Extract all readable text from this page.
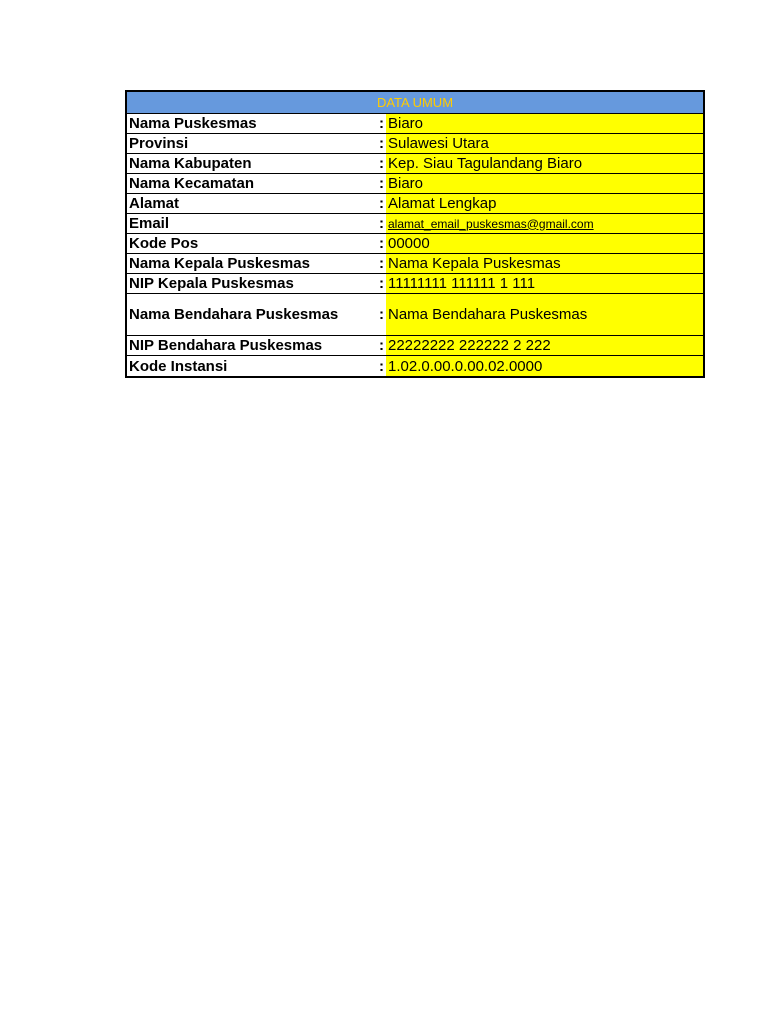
DATA UMUM
Nama Puskesmas	: Biaro
Provinsi	: Sulawesi Utara
Nama Kabupaten	: Kep. Siau Tagulandang Biaro
Nama Kecamatan	: Biaro
Alamat	: Alamat Lengkap
Email	: alamat_email_puskesmas@gmail.com
Kode Pos	: 00000
Nama Kepala Puskesmas	: Nama Kepala Puskesmas
NIP Kepala Puskesmas	: 11111111 111111 1 111
Nama Bendahara Puskesmas	: Nama Bendahara Puskesmas
NIP Bendahara Puskesmas	: 22222222 222222 2 222
Kode Instansi	: 1.02.0.00.0.00.02.0000
